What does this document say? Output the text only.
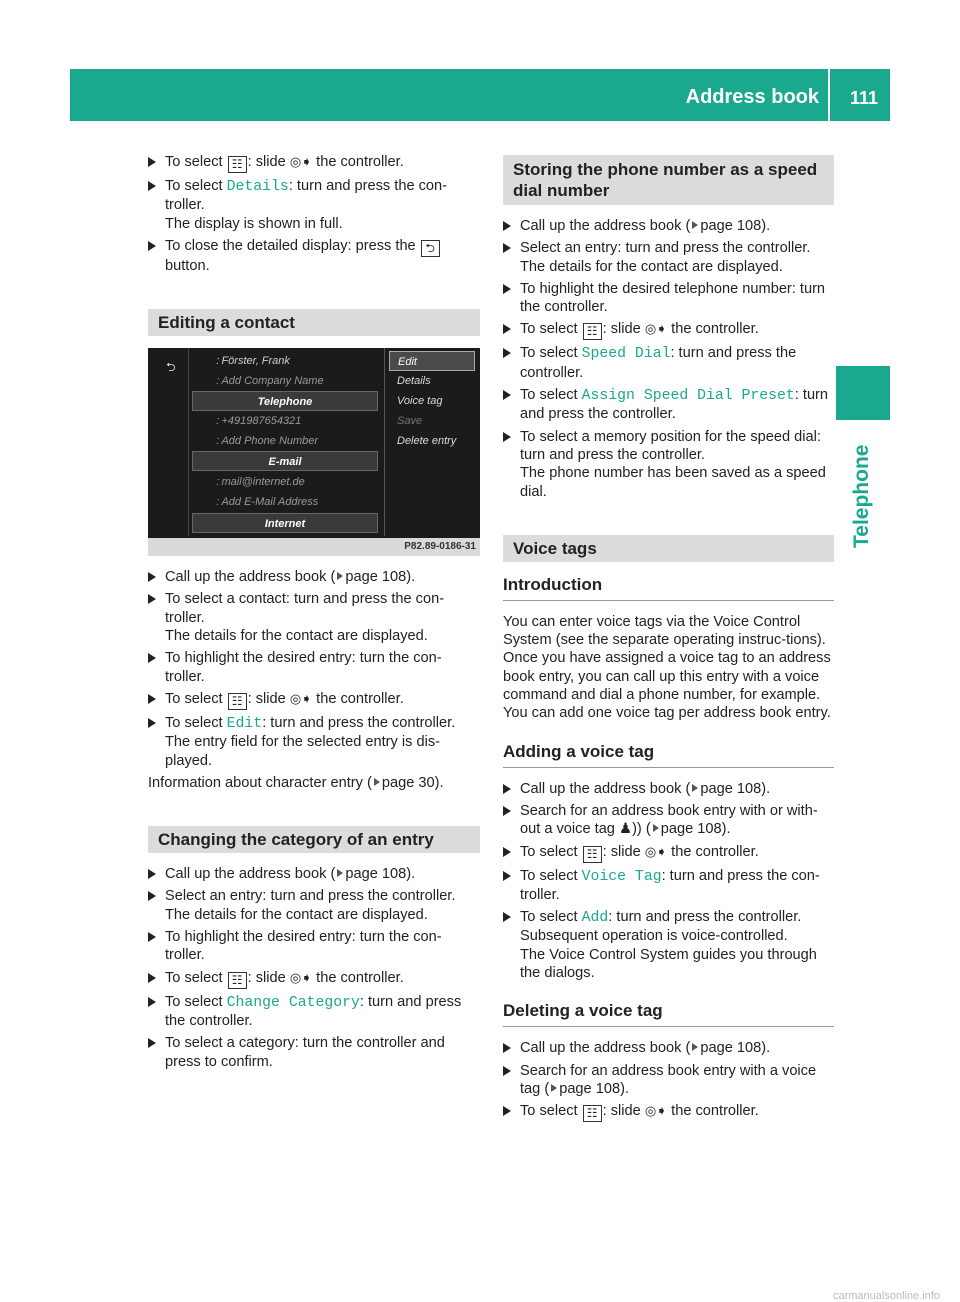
Address book 111
Telephone
To select ☷ : slide ◎➧ the controller.
To select Details: turn and press the con-troller.
The display is shown in full.
To close the detailed display: press the ⮌
button.
Editing a contact
⮌	 : Förster, Frank
 : Add Company Name
Telephone
 : +491987654321
 : Add Phone Number
E-mail
 : mail@internet.de
 : Add E-Mail Address
Internet
Edit
Details
Voice tag
Save
Delete entry
P82.89-0186-31
Call up the address book ( page 108).
To select a contact: turn and press the con-troller.
The details for the contact are displayed.
To highlight the desired entry: turn the con-troller.
To select ☷ : slide ◎➧ the controller.
To select Edit: turn and press the controller.
The entry field for the selected entry is dis-played.
Information about character entry ( page 30).
Changing the category of an entry
Call up the address book ( page 108).
Select an entry: turn and press the controller.
The details for the contact are displayed.
To highlight the desired entry: turn the con-troller.
To select ☷ : slide ◎➧ the controller.
To select Change Category: turn and press the controller.
To select a category: turn the controller and press to confirm.
Storing the phone number as a speed dial number
Call up the address book ( page 108).
Select an entry: turn and press the controller.
The details for the contact are displayed.
To highlight the desired telephone number: turn the controller.
To select ☷ : slide ◎➧ the controller.
To select Speed Dial: turn and press the controller.
To select Assign Speed Dial Preset: turn and press the controller.
To select a memory position for the speed dial: turn and press the controller.
The phone number has been saved as a speed dial.
Voice tags
Introduction
You can enter voice tags via the Voice Control System (see the separate operating instruc-tions). Once you have assigned a voice tag to an address book entry, you can call up this entry with a voice command and dial a phone number, for example. You can add one voice tag per address book entry.
Adding a voice tag
Call up the address book ( page 108).
Search for an address book entry with or with-out a voice tag ♟)) ( page 108).
To select ☷ : slide ◎➧ the controller.
To select Voice Tag: turn and press the con-troller.
To select Add: turn and press the controller.
Subsequent operation is voice-controlled.
The Voice Control System guides you through the dialogs.
Deleting a voice tag
Call up the address book ( page 108).
Search for an address book entry with a voice tag ( page 108).
To select ☷ : slide ◎➧ the controller.
carmanualsonline.info
